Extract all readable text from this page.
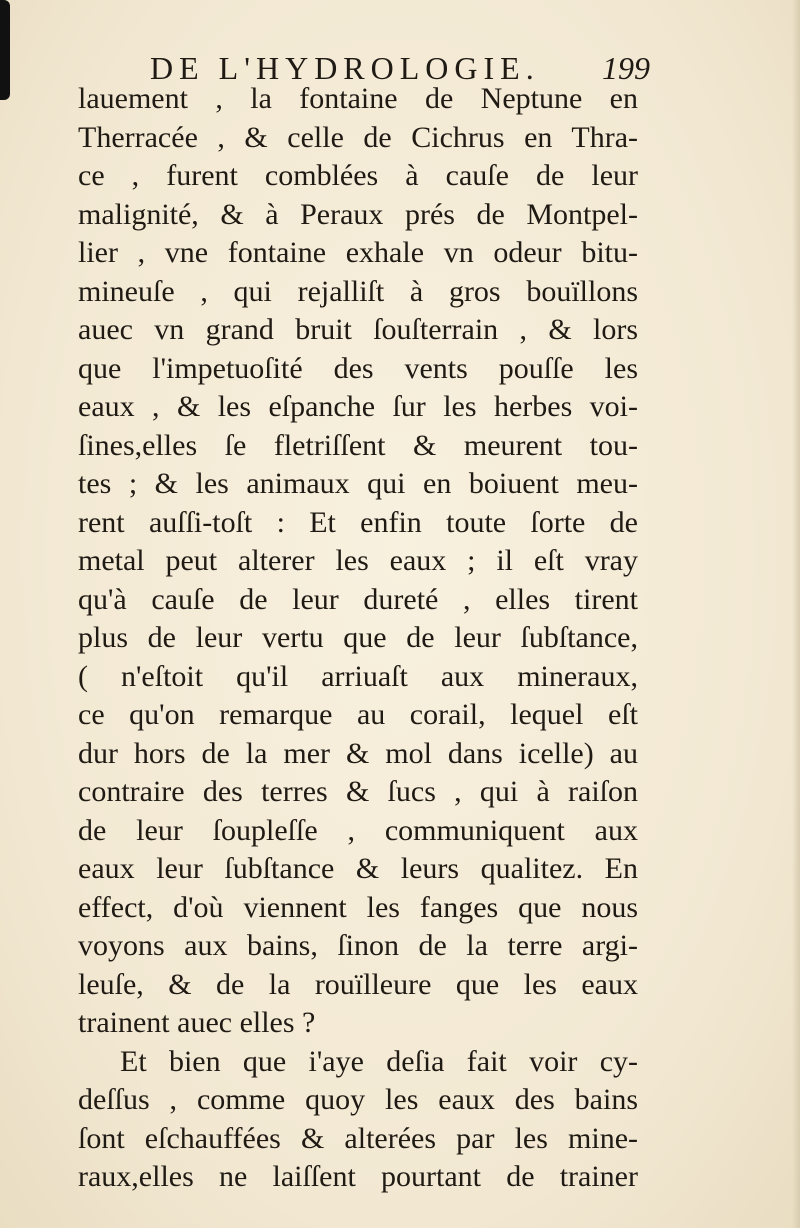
DE L'HYDROLOGIE. 199
lauement , la fontaine de Neptune en
Therracée , & celle de Cichrus en Thra-
ce , furent comblées à cauſe de leur
malignité, & à Peraux prés de Montpel-
lier , vne fontaine exhale vn odeur bitu-
mineuſe , qui rejalliſt à gros bouïllons
auec vn grand bruit ſouſterrain , & lors
que l'impetuoſité des vents pouſſe les
eaux , & les eſpanche ſur les herbes voi-
ſines,elles ſe fletriſſent & meurent tou-
tes ; & les animaux qui en boiuent meu-
rent auſſi-toſt : Et enfin toute ſorte de
metal peut alterer les eaux ; il eſt vray
qu'à cauſe de leur dureté , elles tirent
plus de leur vertu que de leur ſubſtance,
( n'eſtoit qu'il arriuaſt aux mineraux,
ce qu'on remarque au corail, lequel eſt
dur hors de la mer & mol dans icelle) au
contraire des terres & ſucs , qui à raiſon
de leur ſoupleſſe , communiquent aux
eaux leur ſubſtance & leurs qualitez. En
effect, d'où viennent les fanges que nous
voyons aux bains, ſinon de la terre argi-
leuſe, & de la rouïlleure que les eaux
trainent auec elles ?
Et bien que i'aye deſia fait voir cy-
deſſus , comme quoy les eaux des bains
ſont eſchauffées & alterées par les mine-
raux,elles ne laiſſent pourtant de trainer
